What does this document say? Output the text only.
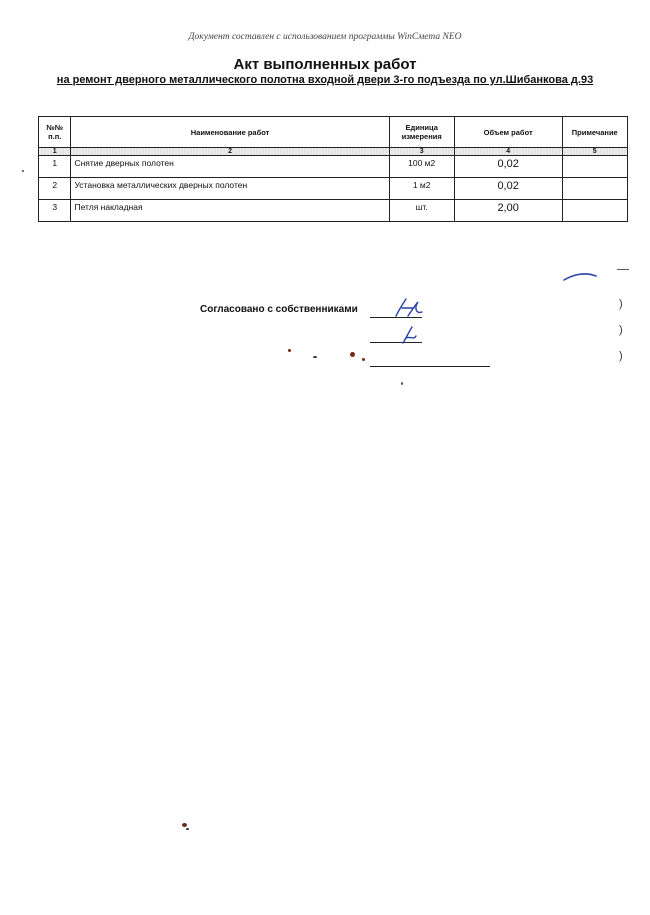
Документ составлен с использованием программы WinСмета NEO
Акт выполненных работ
на ремонт дверного металлического полотна входной двери 3-го подъезда по ул.Шибанкова д.93
№№ п.п.	Наименование работ	Единица измерения	Объем работ	Примечание
1	2	3	4	5
1	Снятие дверных полотен	100 м2	0,02	
2	Установка металлических дверных полотен	1 м2	0,02	
3	Петля накладная	шт.	2,00	
Согласовано с собственниками	)
)
)
